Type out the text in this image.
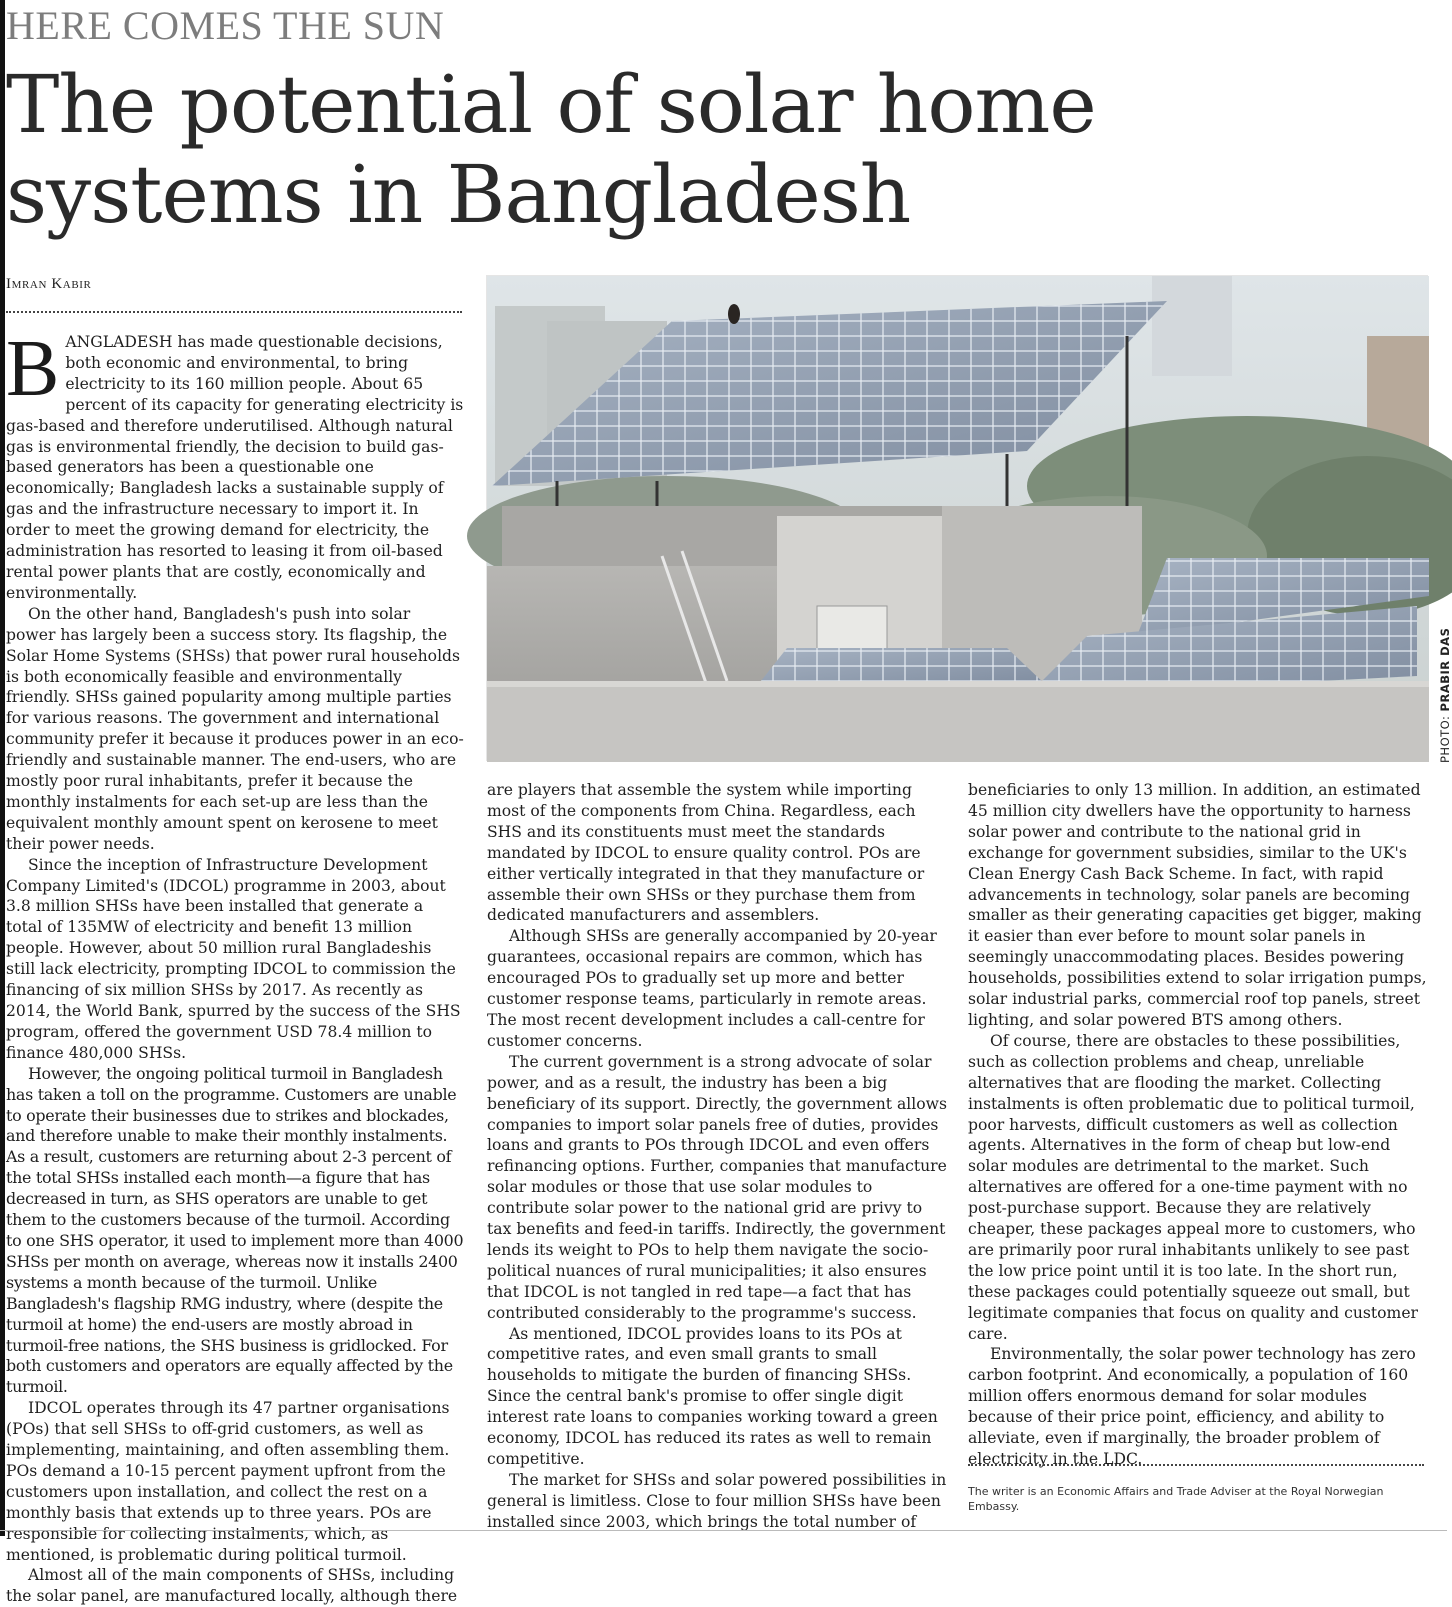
HERE COMES THE SUN
The potential of solar home systems in Bangladesh

Imran Kabir

BANGLADESH has made questionable decisions, both economic and environmental, to bring electricity to its 160 million people. About 65 percent of its capacity for generating electricity is gas-based and therefore underutilised. Although natural gas is environmental friendly, the decision to build gas-based generators has been a questionable one economically; Bangladesh lacks a sustainable supply of gas and the infrastructure necessary to import it. In order to meet the growing demand for electricity, the administration has resorted to leasing it from oil-based rental power plants that are costly, economically and environmentally.

On the other hand, Bangladesh's push into solar power has largely been a success story. Its flagship, the Solar Home Systems (SHSs) that power rural households is both economically feasible and environmentally friendly. SHSs gained popularity among multiple parties for various reasons. The government and international community prefer it because it produces power in an eco-friendly and sustainable manner. The end-users, who are mostly poor rural inhabitants, prefer it because the monthly instalments for each set-up are less than the equivalent monthly amount spent on kerosene to meet their power needs.

Since the inception of Infrastructure Development Company Limited's (IDCOL) programme in 2003, about 3.8 million SHSs have been installed that generate a total of 135MW of electricity and benefit 13 million people. However, about 50 million rural Bangladeshis still lack electricity, prompting IDCOL to commission the financing of six million SHSs by 2017. As recently as 2014, the World Bank, spurred by the success of the SHS program, offered the government USD 78.4 million to finance 480,000 SHSs.

However, the ongoing political turmoil in Bangladesh has taken a toll on the programme. Customers are unable to operate their businesses due to strikes and blockades, and therefore unable to make their monthly instalments. As a result, customers are returning about 2-3 percent of the total SHSs installed each month—a figure that has decreased in turn, as SHS operators are unable to get them to the customers because of the turmoil. According to one SHS operator, it used to implement more than 4000 SHSs per month on average, whereas now it installs 2400 systems a month because of the turmoil. Unlike Bangladesh's flagship RMG industry, where (despite the turmoil at home) the end-users are mostly abroad in turmoil-free nations, the SHS business is gridlocked. For both customers and operators are equally affected by the turmoil.

IDCOL operates through its 47 partner organisations (POs) that sell SHSs to off-grid customers, as well as implementing, maintaining, and often assembling them. POs demand a 10-15 percent payment upfront from the customers upon installation, and collect the rest on a monthly basis that extends up to three years. POs are responsible for collecting instalments, which, as mentioned, is problematic during political turmoil.

Almost all of the main components of SHSs, including the solar panel, are manufactured locally, although there

PHOTO: PRABIR DAS

are players that assemble the system while importing most of the components from China. Regardless, each SHS and its constituents must meet the standards mandated by IDCOL to ensure quality control. POs are either vertically integrated in that they manufacture or assemble their own SHSs or they purchase them from dedicated manufacturers and assemblers.

Although SHSs are generally accompanied by 20-year guarantees, occasional repairs are common, which has encouraged POs to gradually set up more and better customer response teams, particularly in remote areas. The most recent development includes a call-centre for customer concerns.

The current government is a strong advocate of solar power, and as a result, the industry has been a big beneficiary of its support. Directly, the government allows companies to import solar panels free of duties, provides loans and grants to POs through IDCOL and even offers refinancing options. Further, companies that manufacture solar modules or those that use solar modules to contribute solar power to the national grid are privy to tax benefits and feed-in tariffs. Indirectly, the government lends its weight to POs to help them navigate the socio-political nuances of rural municipalities; it also ensures that IDCOL is not tangled in red tape—a fact that has contributed considerably to the programme's success.

As mentioned, IDCOL provides loans to its POs at competitive rates, and even small grants to small households to mitigate the burden of financing SHSs. Since the central bank's promise to offer single digit interest rate loans to companies working toward a green economy, IDCOL has reduced its rates as well to remain competitive.

The market for SHSs and solar powered possibilities in general is limitless. Close to four million SHSs have been installed since 2003, which brings the total number of

beneficiaries to only 13 million. In addition, an estimated 45 million city dwellers have the opportunity to harness solar power and contribute to the national grid in exchange for government subsidies, similar to the UK's Clean Energy Cash Back Scheme. In fact, with rapid advancements in technology, solar panels are becoming smaller as their generating capacities get bigger, making it easier than ever before to mount solar panels in seemingly unaccommodating places. Besides powering households, possibilities extend to solar irrigation pumps, solar industrial parks, commercial roof top panels, street lighting, and solar powered BTS among others.

Of course, there are obstacles to these possibilities, such as collection problems and cheap, unreliable alternatives that are flooding the market. Collecting instalments is often problematic due to political turmoil, poor harvests, difficult customers as well as collection agents. Alternatives in the form of cheap but low-end solar modules are detrimental to the market. Such alternatives are offered for a one-time payment with no post-purchase support. Because they are relatively cheaper, these packages appeal more to customers, who are primarily poor rural inhabitants unlikely to see past the low price point until it is too late. In the short run, these packages could potentially squeeze out small, but legitimate companies that focus on quality and customer care.

Environmentally, the solar power technology has zero carbon footprint. And economically, a population of 160 million offers enormous demand for solar modules because of their price point, efficiency, and ability to alleviate, even if marginally, the broader problem of electricity in the LDC.

The writer is an Economic Affairs and Trade Adviser at the Royal Norwegian Embassy.
